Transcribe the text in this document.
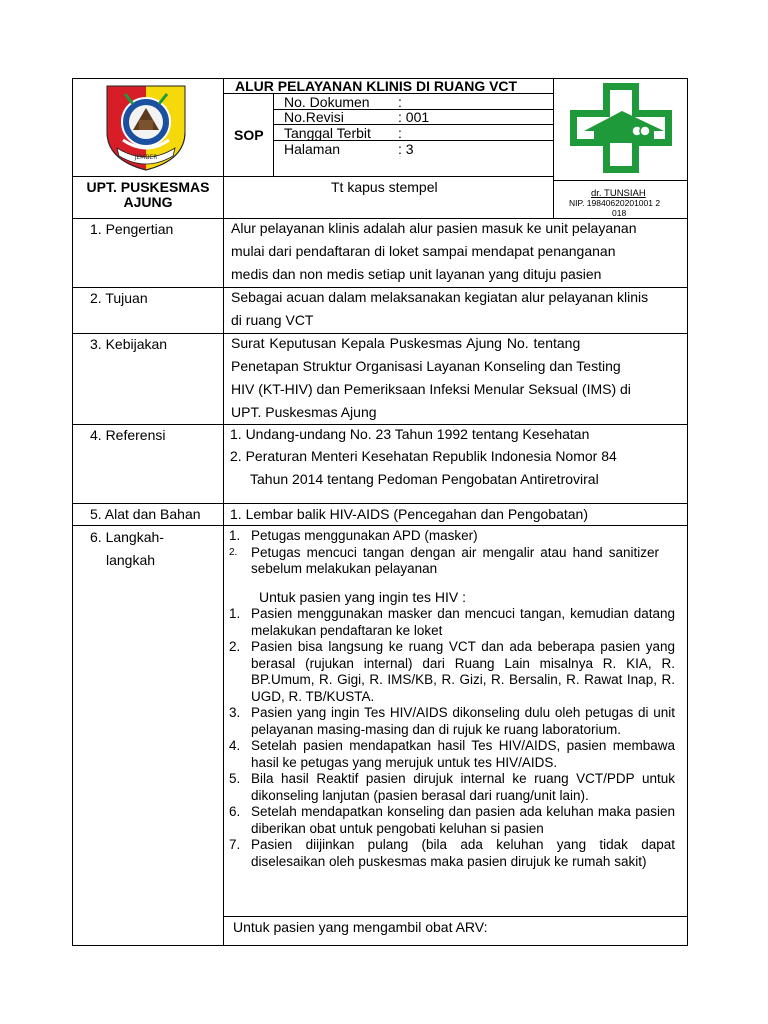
JEMBER
ALUR PELAYANAN KLINIS DI RUANG VCT
SOP
No. Dokumen :
No.Revisi	: 001
Tanggal Terbit :
Halaman	: 3
UPT. PUSKESMAS
AJUNG
Tt kapus stempel	dr. TUNSIAH
NIP. 19840620201001 2
018
1. Pengertian	Alur pelayanan klinis adalah alur pasien masuk ke unit pelayanan
mulai dari pendaftaran di loket sampai mendapat penanganan
medis dan non medis setiap unit layanan yang dituju pasien
2. Tujuan	Sebagai acuan dalam melaksanakan kegiatan alur pelayanan klinis
di ruang VCT
3. Kebijakan	Surat Keputusan Kepala Puskesmas Ajung No. tentang
Penetapan Struktur Organisasi Layanan Konseling dan Testing
HIV (KT-HIV) dan Pemeriksaan Infeksi Menular Seksual (IMS) di
UPT. Puskesmas Ajung
4. Referensi	1. Undang-undang No. 23 Tahun 1992 tentang Kesehatan
2. Peraturan Menteri Kesehatan Republik Indonesia Nomor 84
Tahun 2014 tentang Pedoman Pengobatan Antiretroviral
5. Alat dan Bahan 1. Lembar balik HIV-AIDS (Pencegahan dan Pengobatan)
6. Langkah-
langkah
1. Petugas menggunakan APD (masker)
2. Petugas mencuci tangan dengan air mengalir atau hand sanitizer sebelum melakukan pelayanan
Untuk pasien yang ingin tes HIV :
1. Pasien menggunakan masker dan mencuci tangan, kemudian datang melakukan pendaftaran ke loket
2. Pasien bisa langsung ke ruang VCT dan ada beberapa pasien yang berasal (rujukan internal) dari Ruang Lain misalnya R. KIA, R. BP.Umum, R. Gigi, R. IMS/KB, R. Gizi, R. Bersalin, R. Rawat Inap, R. UGD, R. TB/KUSTA.
3. Pasien yang ingin Tes HIV/AIDS dikonseling dulu oleh petugas di unit pelayanan masing-masing dan di rujuk ke ruang laboratorium.
4. Setelah pasien mendapatkan hasil Tes HIV/AIDS, pasien membawa hasil ke petugas yang merujuk untuk tes HIV/AIDS.
5. Bila hasil Reaktif pasien dirujuk internal ke ruang VCT/PDP untuk dikonseling lanjutan (pasien berasal dari ruang/unit lain).
6. Setelah mendapatkan konseling dan pasien ada keluhan maka pasien diberikan obat untuk pengobati keluhan si pasien
7. Pasien diijinkan pulang (bila ada keluhan yang tidak dapat diselesaikan oleh puskesmas maka pasien dirujuk ke rumah sakit)
Untuk pasien yang mengambil obat ARV:
